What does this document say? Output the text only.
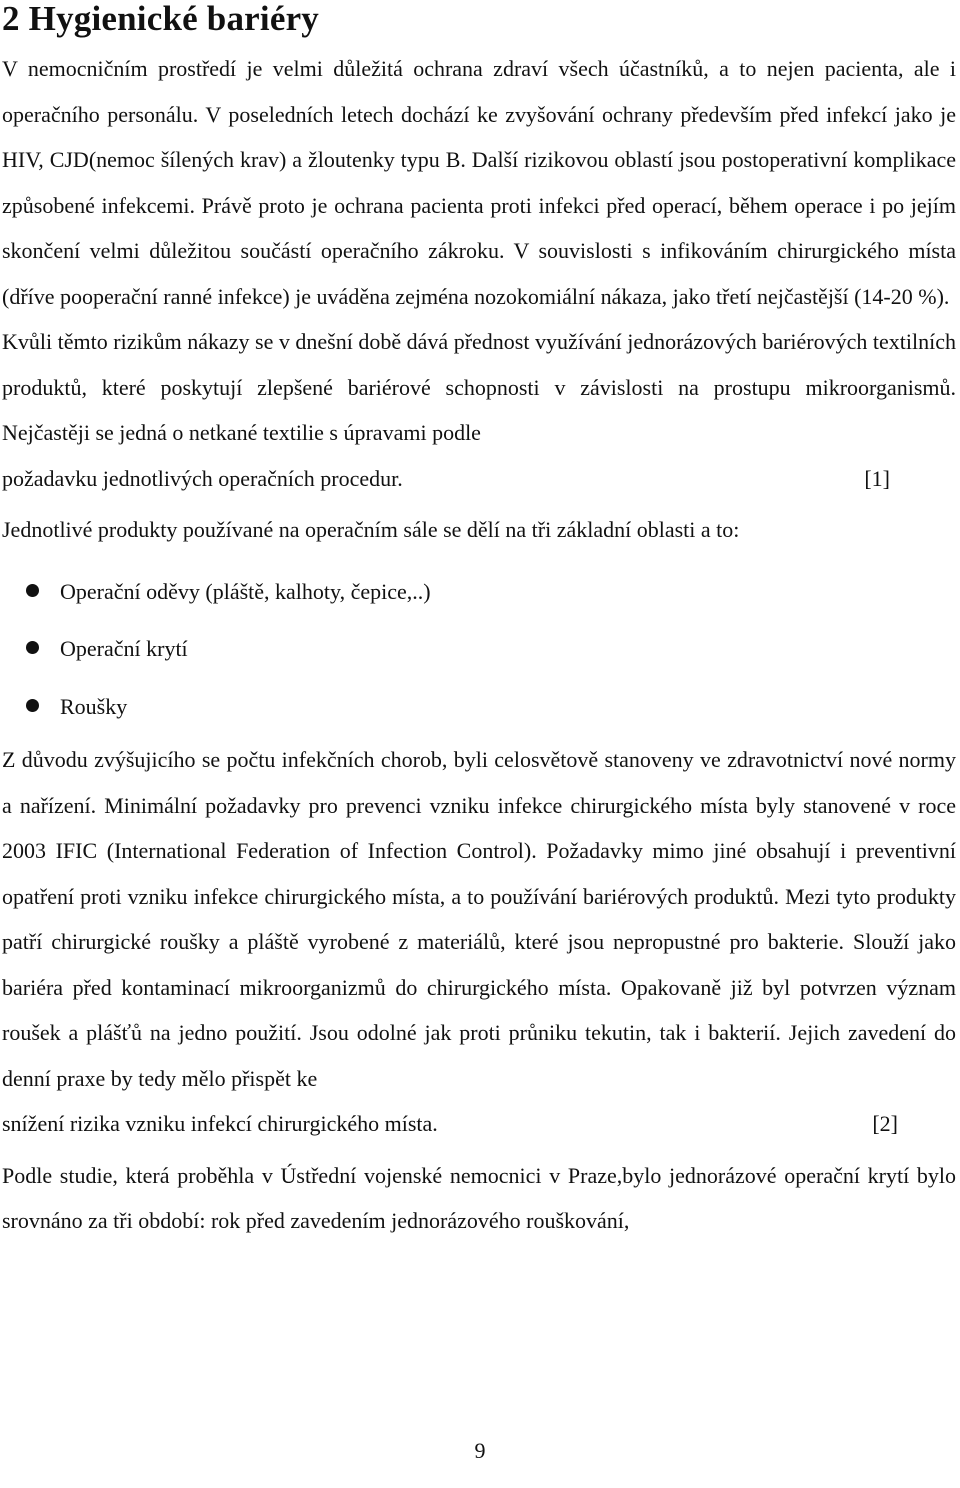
2 Hygienické bariéry

V nemocničním prostředí je velmi důležitá ochrana zdraví všech účastníků, a to nejen pacienta, ale i operačního personálu. V poseledních letech dochází ke zvyšování ochrany především před infekcí jako je HIV, CJD(nemoc šílených krav) a žloutenky typu B. Další rizikovou oblastí jsou postoperativní komplikace způsobené infekcemi. Právě proto je ochrana pacienta proti infekci před operací, během operace i po jejím skončení velmi důležitou součástí operačního zákroku. V souvislosti s infikováním chirurgického místa (dříve pooperační ranné infekce) je uváděna zejména nozokomiální nákaza, jako třetí nejčastější (14-20 %).

Kvůli těmto rizikům nákazy se v dnešní době dává přednost využívání jednorázových bariérových textilních produktů, které poskytují zlepšené bariérové schopnosti v závislosti na prostupu mikroorganismů. Nejčastěji se jedná o netkané textilie s úpravami podle

požadavku jednotlivých operačních procedur.	[1]

Jednotlivé produkty používané na operačním sále se dělí na tři základní oblasti a to:

Operační oděvy (pláště, kalhoty, čepice,..)
Operační krytí
Roušky

Z důvodu zvýšujicího se počtu infekčních chorob, byli celosvětově stanoveny ve zdravotnictví nové normy a nařízení. Minimální požadavky pro prevenci vzniku infekce chirurgického místa byly stanovené v roce 2003 IFIC (International Federation of Infection Control). Požadavky mimo jiné obsahují i preventivní opatření proti vzniku infekce chirurgického místa, a to používání bariérových produktů. Mezi tyto produkty patří chirurgické roušky a pláště vyrobené z materiálů, které jsou nepropustné pro bakterie. Slouží jako bariéra před kontaminací mikroorganizmů do chirurgického místa. Opakovaně již byl potvrzen význam roušek a plášťů na jedno použití. Jsou odolné jak proti průniku tekutin, tak i bakterií. Jejich zavedení do denní praxe by tedy mělo přispět ke

snížení rizika vzniku infekcí chirurgického místa.	[2]

Podle studie, která proběhla v Ústřední vojenské nemocnici v Praze,bylo jednorázové operační krytí bylo srovnáno za tři období: rok před zavedením jednorázového rouškování,

9
